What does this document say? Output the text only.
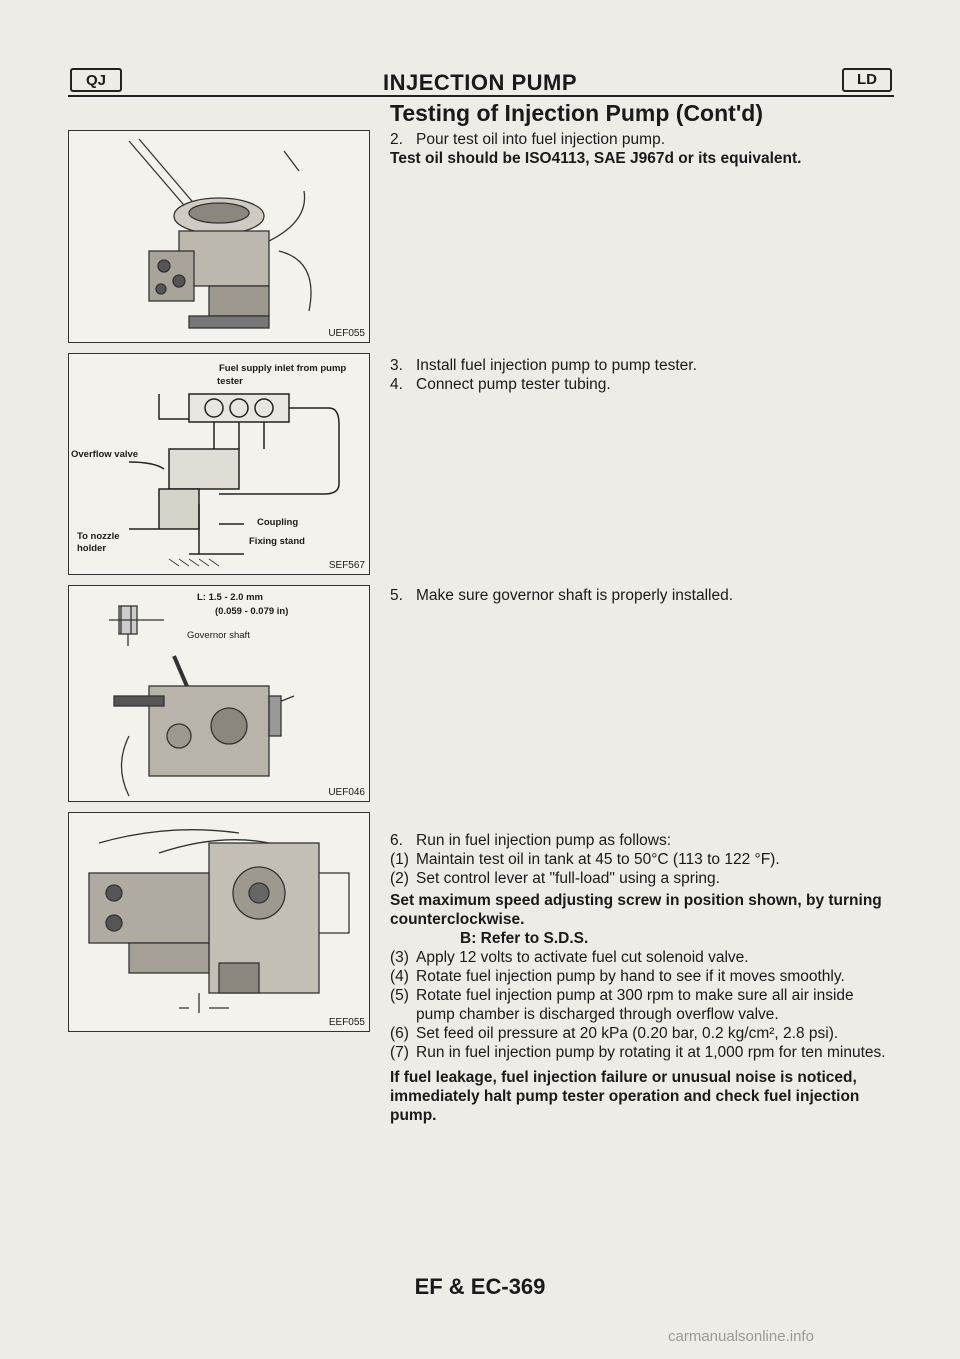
QJ	INJECTION PUMP	LD
Testing of Injection Pump (Cont'd)
UEF055
Fuel supply inlet from pump
tester
Overflow valve
Coupling
To nozzle
holder
Fixing stand
SEF567
L: 1.5 - 2.0 mm
(0.059 - 0.079 in)
Governor shaft
UEF046
EEF055
2. Pour test oil into fuel injection pump.
Test oil should be ISO4113, SAE J967d or its equivalent.
3. Install fuel injection pump to pump tester.
4. Connect pump tester tubing.
5. Make sure governor shaft is properly installed.
6. Run in fuel injection pump as follows:
(1) Maintain test oil in tank at 45 to 50°C (113 to 122 °F).
(2) Set control lever at "full-load" using a spring.
Set maximum speed adjusting screw in position shown, by turning counterclockwise.
B: Refer to S.D.S.
(3) Apply 12 volts to activate fuel cut solenoid valve.
(4) Rotate fuel injection pump by hand to see if it moves smoothly.
(5) Rotate fuel injection pump at 300 rpm to make sure all air inside pump chamber is discharged through overflow valve.
(6) Set feed oil pressure at 20 kPa (0.20 bar, 0.2 kg/cm², 2.8 psi).
(7) Run in fuel injection pump by rotating it at 1,000 rpm for ten minutes.
If fuel leakage, fuel injection failure or unusual noise is noticed, immediately halt pump tester operation and check fuel injection pump.
EF & EC-369
carmanualsonline.info
